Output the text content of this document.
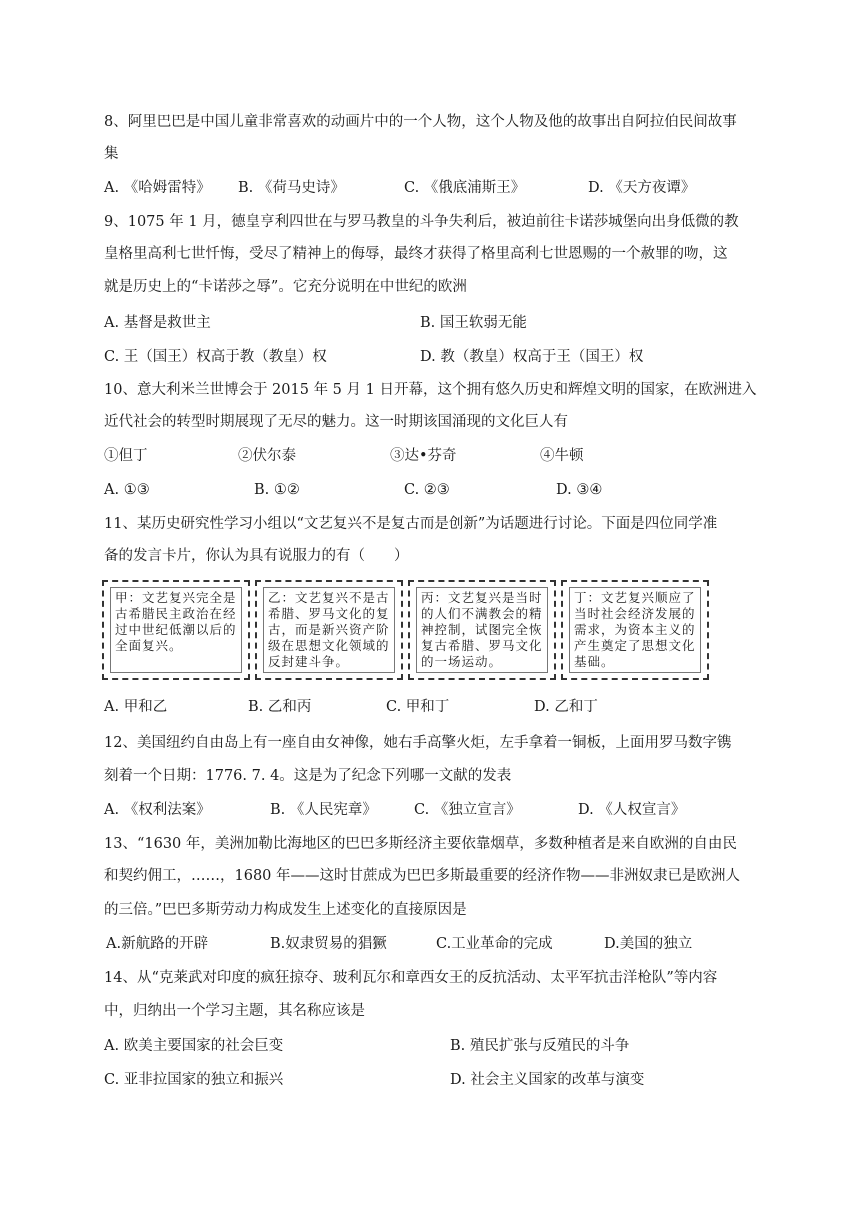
8、阿里巴巴是中国儿童非常喜欢的动画片中的一个人物，这个人物及他的故事出自阿拉伯民间故事
集
A. 《哈姆雷特》 B. 《荷马史诗》	C. 《俄底浦斯王》	D. 《天方夜谭》
9、1075 年 1 月，德皇亨利四世在与罗马教皇的斗争失利后，被迫前往卡诺莎城堡向出身低微的教
皇格里高利七世忏悔，受尽了精神上的侮辱，最终才获得了格里高利七世恩赐的一个赦罪的吻，这
就是历史上的“卡诺莎之辱”。它充分说明在中世纪的欧洲
A. 基督是救世主	B. 国王软弱无能
C. 王（国王）权高于教（教皇）权	D. 教（教皇）权高于王（国王）权
10、意大利米兰世博会于 2015 年 5 月 1 日开幕，这个拥有悠久历史和辉煌文明的国家，在欧洲进入
近代社会的转型时期展现了无尽的魅力。这一时期该国涌现的文化巨人有
①但丁	②伏尔泰	③达•芬奇	④牛顿
A. ①③	B. ①②	C. ②③	D. ③④
11、某历史研究性学习小组以“文艺复兴不是复古而是创新”为话题进行讨论。下面是四位同学准
备的发言卡片，你认为具有说服力的有（　　）
甲：文艺复兴完全是古希腊民主政治在经过中世纪低潮以后的全面复兴。
乙：文艺复兴不是古希腊、罗马文化的复古，而是新兴资产阶级在思想文化领域的反封建斗争。
丙：文艺复兴是当时的人们不满教会的精神控制，试图完全恢复古希腊、罗马文化的一场运动。
丁：文艺复兴顺应了当时社会经济发展的需求，为资本主义的产生奠定了思想文化基础。
A. 甲和乙	B. 乙和丙	C. 甲和丁	D. 乙和丁
12、美国纽约自由岛上有一座自由女神像，她右手高擎火炬，左手拿着一铜板，上面用罗马数字镌
刻着一个日期：1776. 7. 4。这是为了纪念下列哪一文献的发表
A. 《权利法案》	B. 《人民宪章》	C. 《独立宣言》	D. 《人权宣言》
13、“1630 年，美洲加勒比海地区的巴巴多斯经济主要依靠烟草，多数种植者是来自欧洲的自由民
和契约佣工，……，1680 年——这时甘蔗成为巴巴多斯最重要的经济作物——非洲奴隶已是欧洲人
的三倍。”巴巴多斯劳动力构成发生上述变化的直接原因是
A.新航路的开辟	B.奴隶贸易的猖獗	C.工业革命的完成	D.美国的独立
14、从“克莱武对印度的疯狂掠夺、玻利瓦尔和章西女王的反抗活动、太平军抗击洋枪队”等内容
中，归纳出一个学习主题，其名称应该是
A. 欧美主要国家的社会巨变	B. 殖民扩张与反殖民的斗争
C. 亚非拉国家的独立和振兴	D. 社会主义国家的改革与演变
